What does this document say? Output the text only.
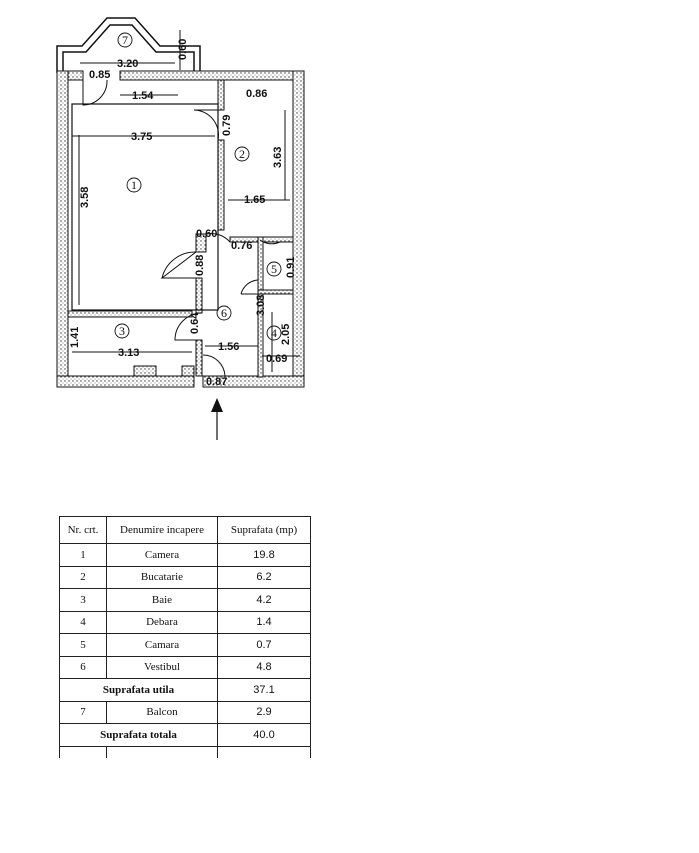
3.20
0.60
0.85
1.54	0.86
0.79
3.75
3.63
3.58	1.65
0.60
0.76
0.88	0.91
3.08
0.64
2.05
1.41
3.13	1.56
0.69
0.87
7
1
2
3	4
5
6
Nr. crt.	Denumire incapere	Suprafata (mp)
1	Camera	19.8
2	Bucatarie	6.2
3	Baie	4.2
4	Debara	1.4
5	Camara	0.7
6	Vestibul	4.8
Suprafata utila		37.1
7	Balcon	2.9
Suprafata totala		40.0
